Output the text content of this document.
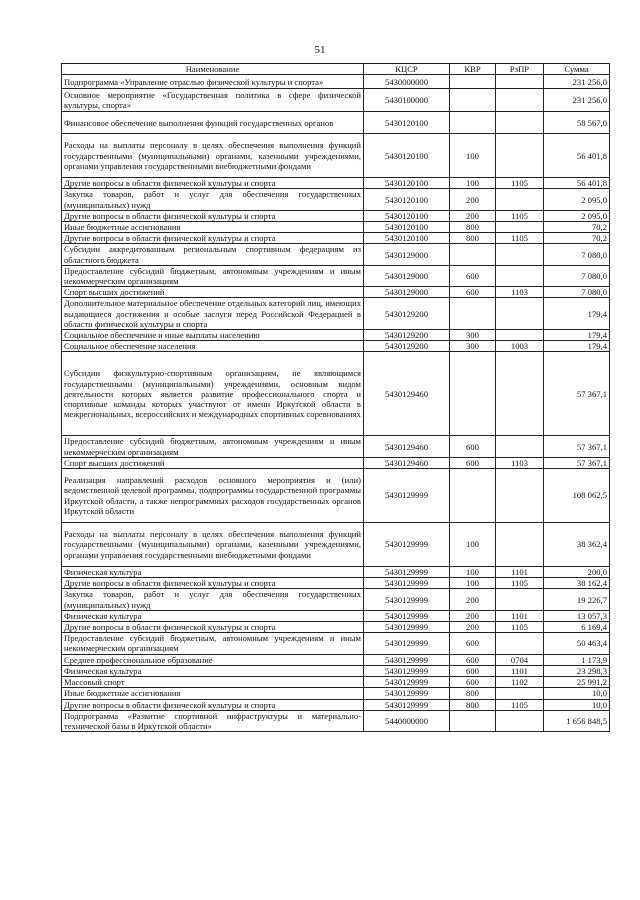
51
Наименование	КЦСР	КВР	РзПР	Сумма
Подпрограмма «Управление отраслью физической культуры и спорта»	5430000000			231 256,0
Основное мероприятие «Государственная политика в сфере физической культуры, спорта»	5430100000			231 256,0
Финансовое обеспечение выполнения функций государственных органов	5430120100			58 567,0
Расходы на выплаты персоналу в целях обеспечения выполнения функций государственными (муниципальными) органами, казенными учреждениями, органами управления государственными внебюджетными фондами	5430120100	100		56 401,8
Другие вопросы в области физической культуры и спорта	5430120100	100	1105	56 401,8
Закупка товаров, работ и услуг для обеспечения государственных (муниципальных) нужд	5430120100	200		2 095,0
Другие вопросы в области физической культуры и спорта	5430120100	200	1105	2 095,0
Иные бюджетные ассигнования	5430120100	800		70,2
Другие вопросы в области физической культуры и спорта	5430120100	800	1105	70,2
Субсидии аккредитованным региональным спортивным федерациям из областного бюджета	5430129000			7 080,0
Предоставление субсидий бюджетным, автономным учреждениям и иным некоммерческим организациям	5430129000	600		7 080,0
Спорт высших достижений	5430129000	600	1103	7 080,0
Дополнительное материальное обеспечение отдельных категорий лиц, имеющих выдающиеся достижения и особые заслуги перед Российской Федерацией в области физической культуры и спорта	5430129200			179,4
Социальное обеспечение и иные выплаты населению	5430129200	300		179,4
Социальное обеспечение населения	5430129200	300	1003	179,4
Субсидии физкультурно-спортивным организациям, не являющимся государственными (муниципальными) учреждениями, основным видом деятельности которых является развитие профессионального спорта и спортивные команды которых участвуют от имени Иркутской области в межрегиональных, всероссийских и международных спортивных соревнованиях	5430129460			57 367,1
Предоставление субсидий бюджетным, автономным учреждениям и иным некоммерческим организациям	5430129460	600		57 367,1
Спорт высших достижений	5430129460	600	1103	57 367,1
Реализация направлений расходов основного мероприятия и (или) ведомственной целевой программы, подпрограммы государственной программы Иркутской области, а также непрограммных расходов государственных органов Иркутской области	5430129999			108 062,5
Расходы на выплаты персоналу в целях обеспечения выполнения функций государственными (муниципальными) органами, казенными учреждениями, органами управления государственными внебюджетными фондами	5430129999	100		38 362,4
Физическая культура	5430129999	100	1101	200,0
Другие вопросы в области физической культуры и спорта	5430129999	100	1105	38 162,4
Закупка товаров, работ и услуг для обеспечения государственных (муниципальных) нужд	5430129999	200		19 226,7
Физическая культура	5430129999	200	1101	13 057,3
Другие вопросы в области физической культуры и спорта	5430129999	200	1105	6 169,4
Предоставление субсидий бюджетным, автономным учреждениям и иным некоммерческим организациям	5430129999	600		50 463,4
Среднее профессиональное образование	5430129999	600	0704	1 173,9
Физическая культура	5430129999	600	1101	23 298,3
Массовый спорт	5430129999	600	1102	25 991,2
Иные бюджетные ассигнования	5430129999	800		10,0
Другие вопросы в области физической культуры и спорта	5430129999	800	1105	10,0
Подпрограмма «Развитие спортивной инфраструктуры и материально-технической базы в Иркутской области»	5440000000			1 656 848,5
